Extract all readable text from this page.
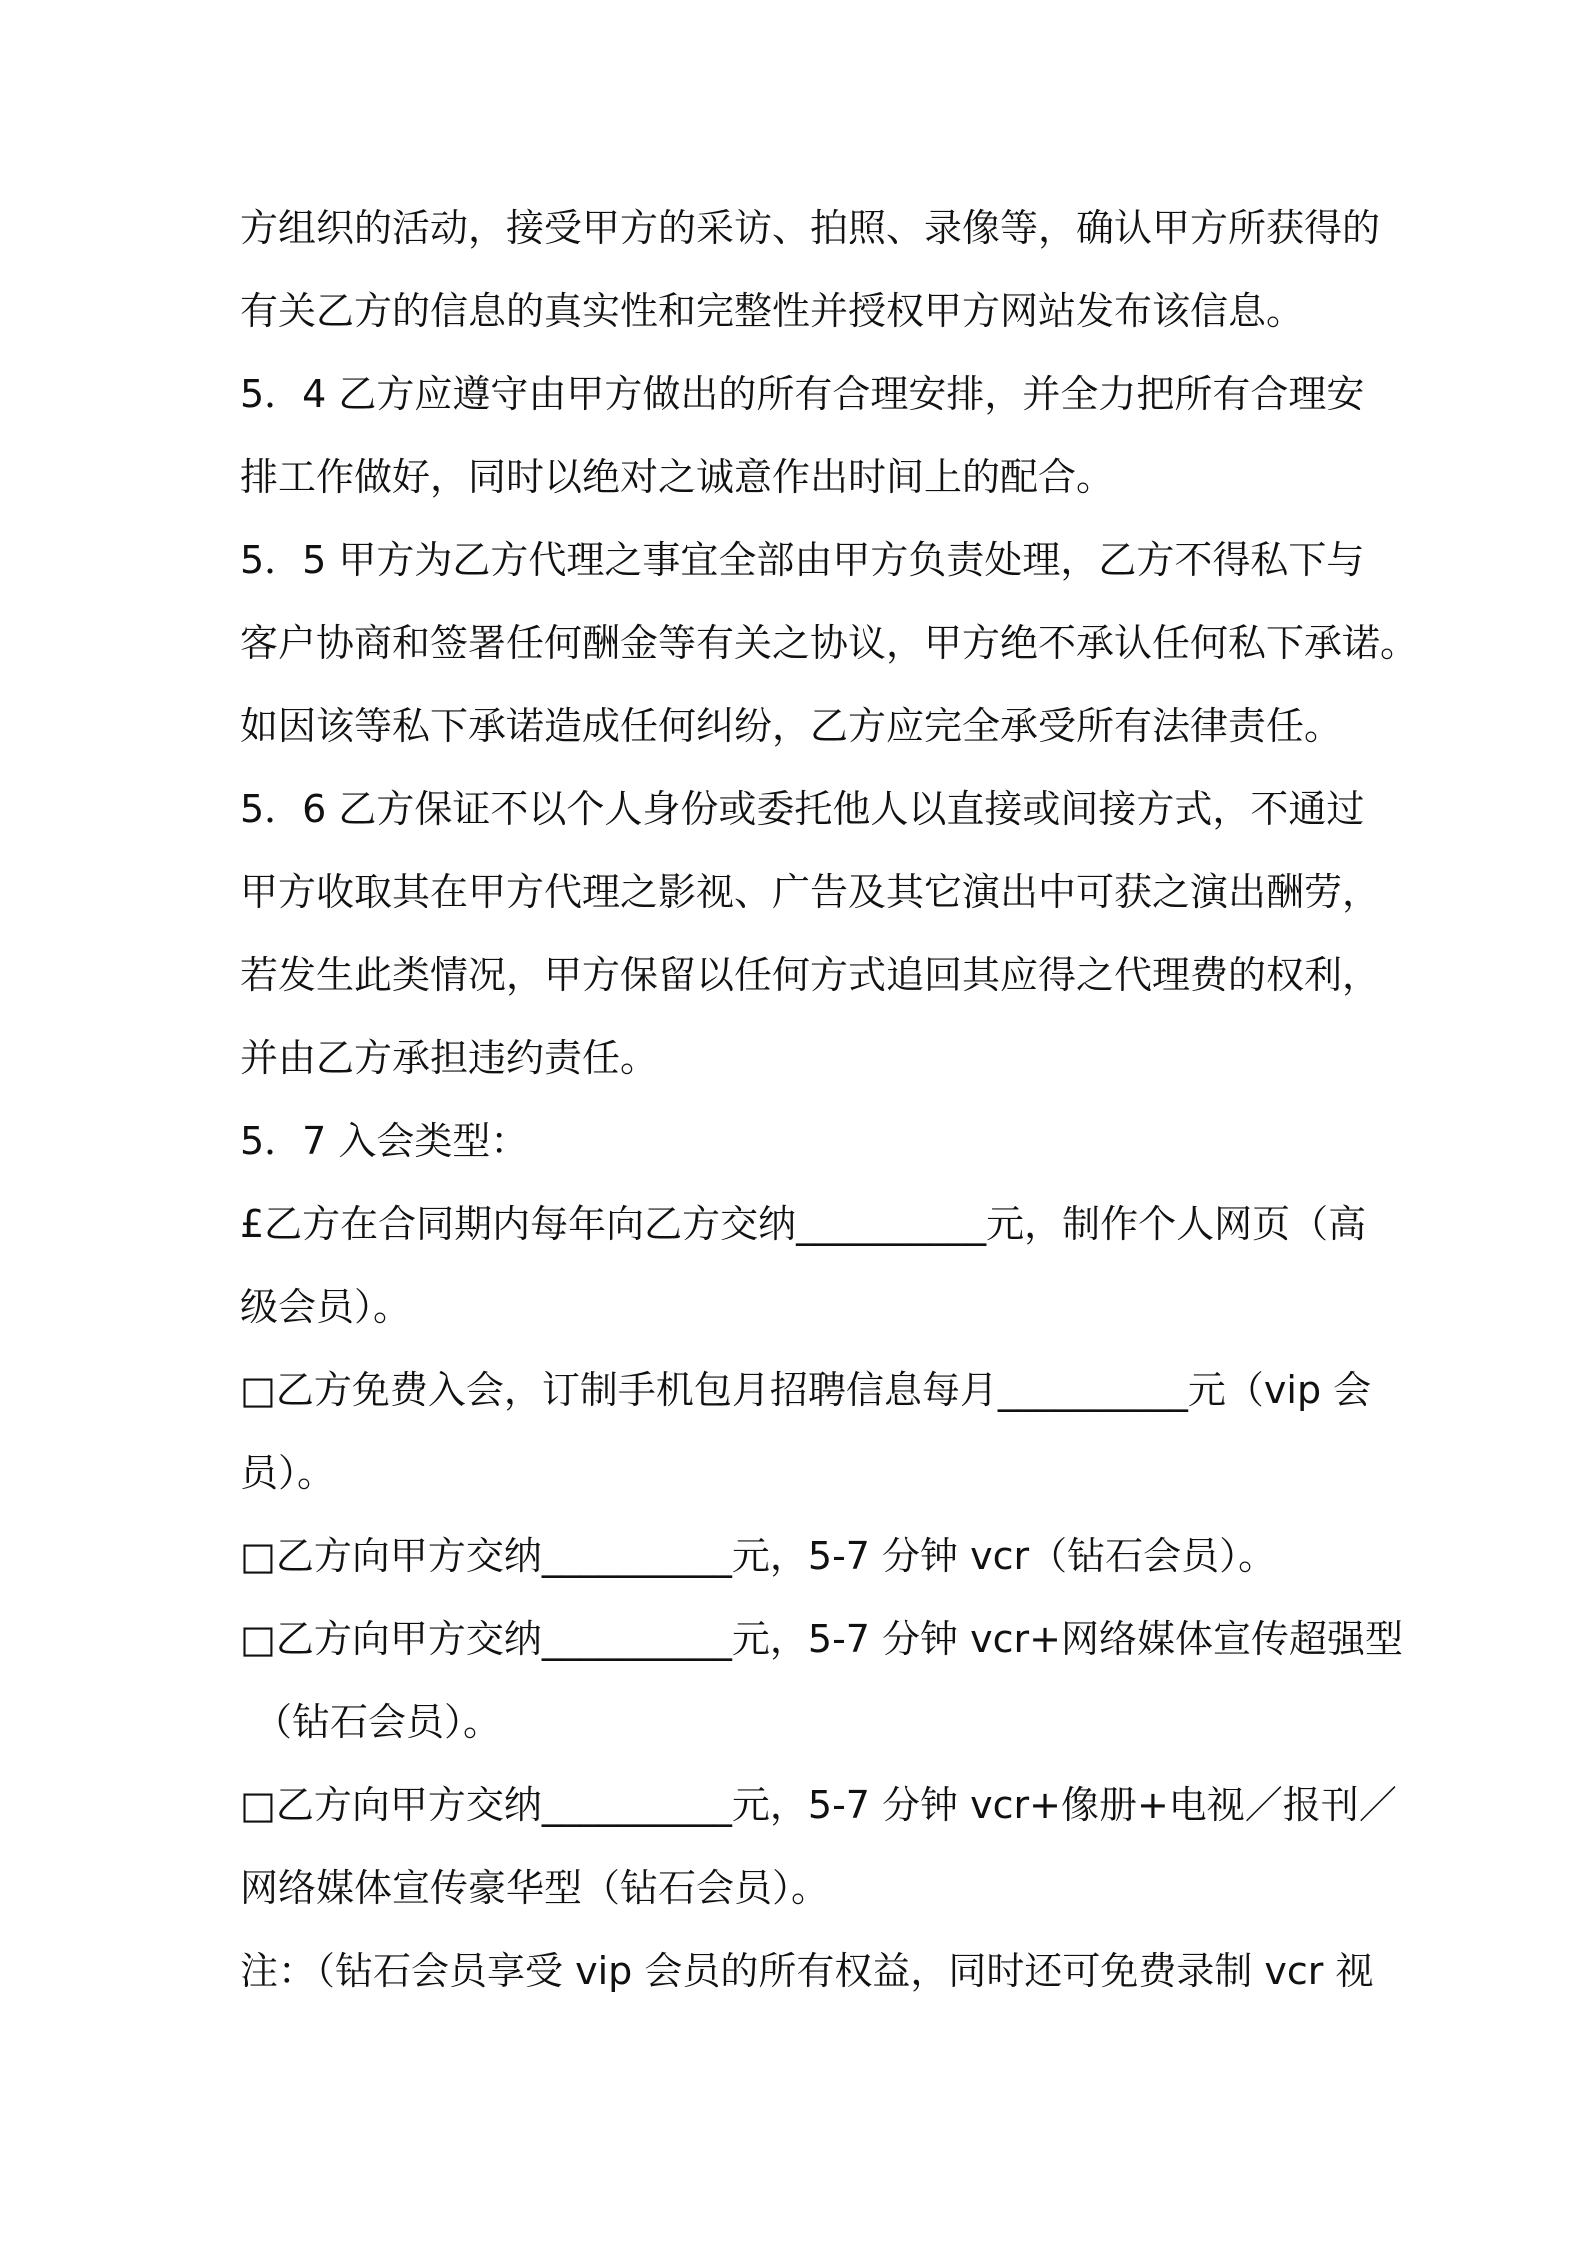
方组织的活动，接受甲方的采访、拍照、录像等，确认甲方所获得的
有关乙方的信息的真实性和完整性并授权甲方网站发布该信息。
5．4 乙方应遵守由甲方做出的所有合理安排，并全力把所有合理安
排工作做好，同时以绝对之诚意作出时间上的配合。
5．5 甲方为乙方代理之事宜全部由甲方负责处理，乙方不得私下与
客户协商和签署任何酬金等有关之协议，甲方绝不承认任何私下承诺。
如因该等私下承诺造成任何纠纷，乙方应完全承受所有法律责任。
5．6 乙方保证不以个人身份或委托他人以直接或间接方式，不通过
甲方收取其在甲方代理之影视、广告及其它演出中可获之演出酬劳，
若发生此类情况，甲方保留以任何方式追回其应得之代理费的权利，
并由乙方承担违约责任。
5．7 入会类型：
£乙方在合同期内每年向乙方交纳__________元，制作个人网页（高
级会员）。
□乙方免费入会，订制手机包月招聘信息每月__________元（vip 会
员）。
□乙方向甲方交纳__________元，5-7 分钟 vcr（钻石会员）。
□乙方向甲方交纳__________元，5-7 分钟 vcr+网络媒体宣传超强型
（钻石会员）。
□乙方向甲方交纳__________元，5-7 分钟 vcr+像册+电视／报刊／
网络媒体宣传豪华型（钻石会员）。
注：（钻石会员享受 vip 会员的所有权益，同时还可免费录制 vcr 视
